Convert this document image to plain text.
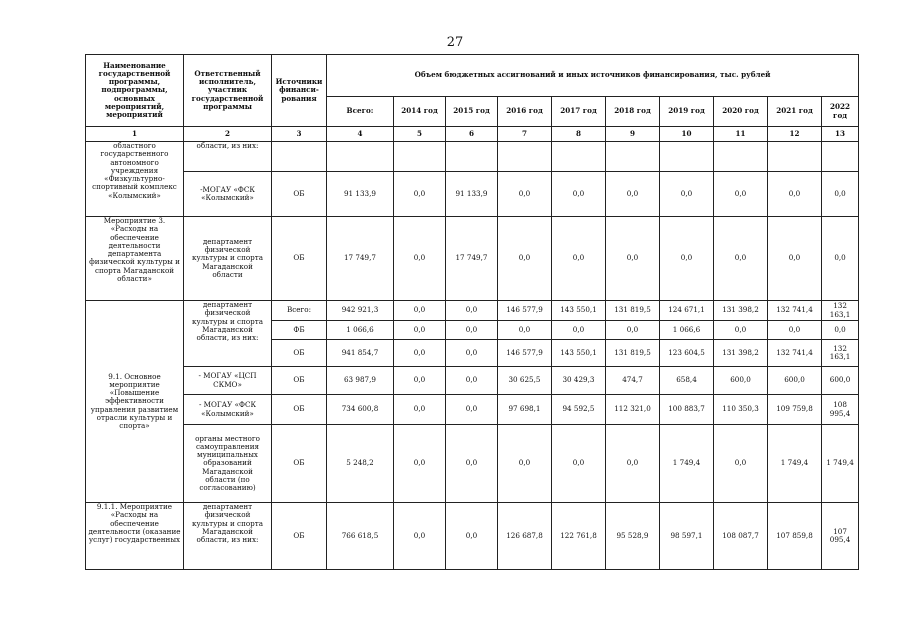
27
Наименование государственной программы, подпрограммы, основных мероприятий, мероприятий	Ответственный исполнитель, участник государственной программы	Источники финанси-рования	Объем бюджетных ассигнований и иных источников финансирования, тыс. рублей									
			Всего:	2014 год	2015 год	2016 год	2017 год	2018 год	2019 год	2020 год	2021 год	2022 год
1	2	3	4	5	6	7	8	9	10	11	12	13
областного государственного автономного учреждения «Физкультурно-спортивный комплекс «Колымский»	области, из них:											
	-МОГАУ «ФСК «Колымский»	ОБ	91 133,9	0,0	91 133,9	0,0	0,0	0,0	0,0	0,0	0,0	0,0
Мероприятие 3. «Расходы на обеспечение деятельности департамента физической культуры и спорта Магаданской области»	департамент физической культуры и спорта Магаданской области	ОБ	17 749,7	0,0	17 749,7	0,0	0,0	0,0	0,0	0,0	0,0	0,0
9.1. Основное мероприятие «Повышение эффективности управления развитием отрасли культуры и спорта»	департамент физической культуры и спорта Магаданской области, из них:	Всего:	942 921,3	0,0	0,0	146 577,9	143 550,1	131 819,5	124 671,1	131 398,2	132 741,4	132 163,1
		ФБ	1 066,6	0,0	0,0	0,0	0,0	0,0	1 066,6	0,0	0,0	0,0
		ОБ	941 854,7	0,0	0,0	146 577,9	143 550,1	131 819,5	123 604,5	131 398,2	132 741,4	132 163,1
	- МОГАУ «ЦСП СКМО»	ОБ	63 987,9	0,0	0,0	30 625,5	30 429,3	474,7	658,4	600,0	600,0	600,0
	- МОГАУ «ФСК «Колымский»	ОБ	734 600,8	0,0	0,0	97 698,1	94 592,5	112 321,0	100 883,7	110 350,3	109 759,8	108 995,4
	органы местного самоуправления муниципальных образований Магаданской области (по согласованию)	ОБ	5 248,2	0,0	0,0	0,0	0,0	0,0	1 749,4	0,0	1 749,4	1 749,4
9.1.1. Мероприятие «Расходы на обеспечение деятельности (оказание услуг) государственных	департамент физической культуры и спорта Магаданской области, из них:	ОБ	766 618,5	0,0	0,0	126 687,8	122 761,8	95 528,9	98 597,1	108 087,7	107 859,8	107 095,4
